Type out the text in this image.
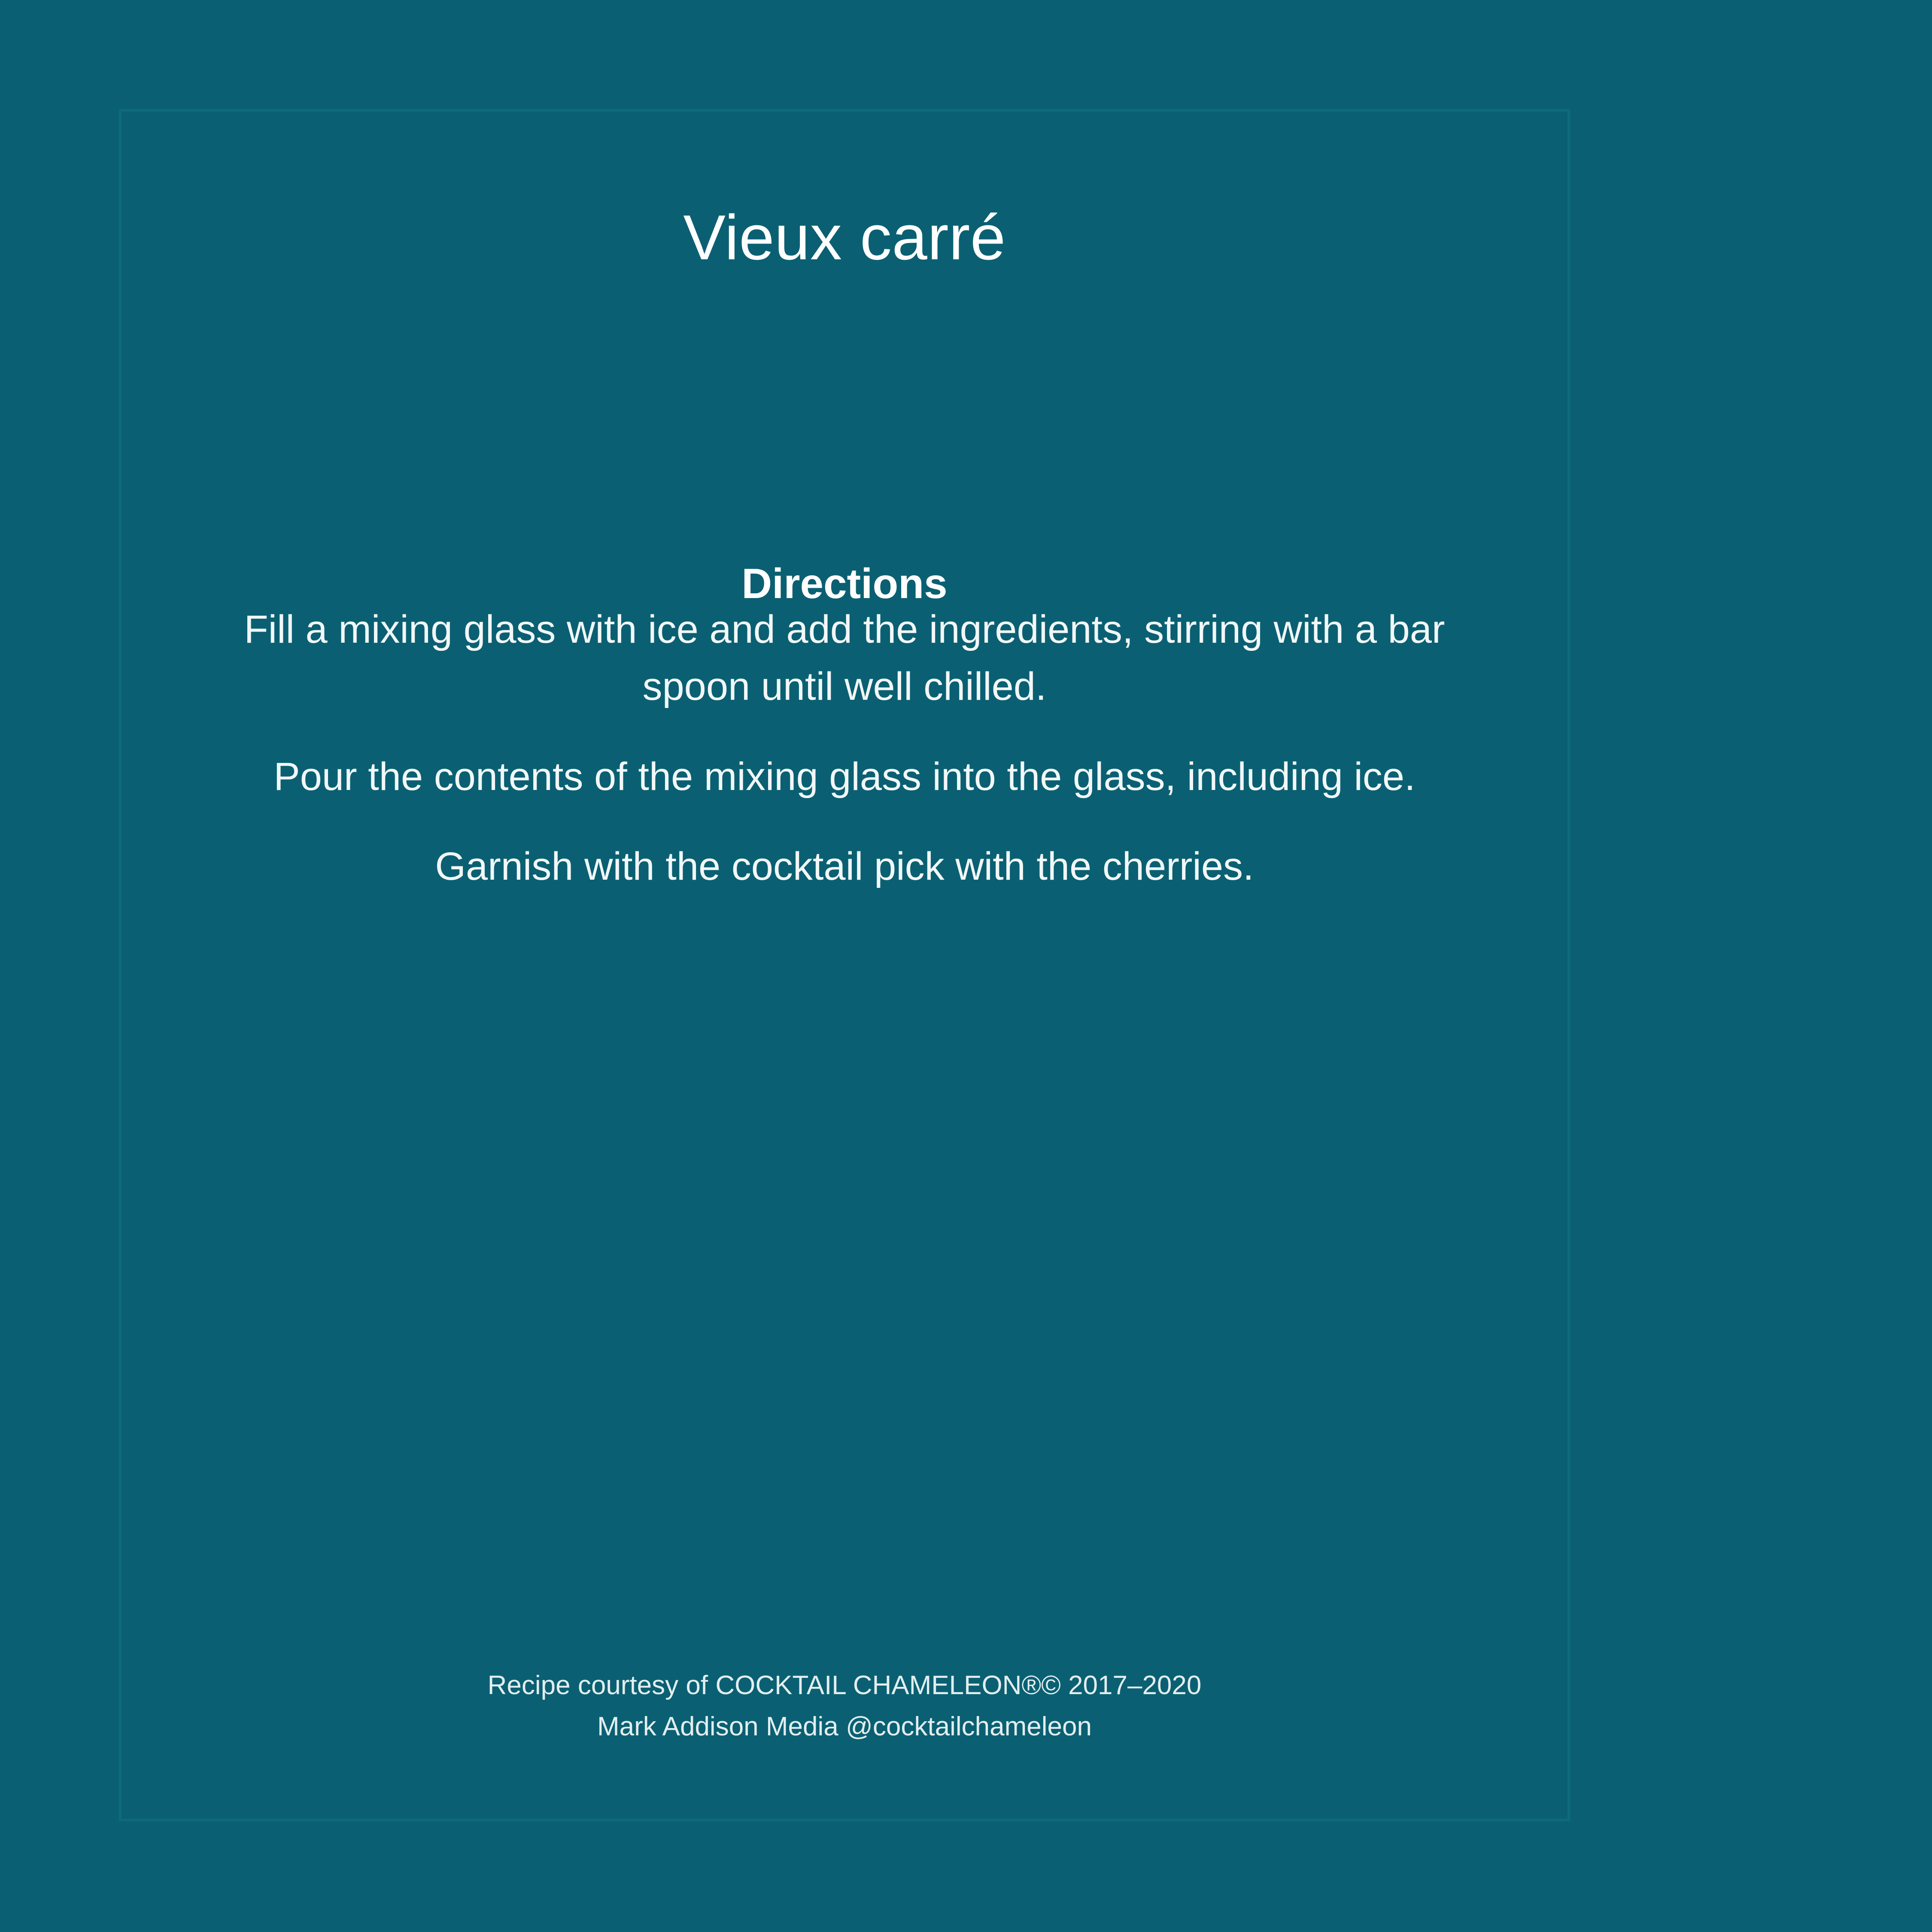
Vieux carré
Directions

Fill a mixing glass with ice and add the ingredients, stirring with a bar spoon until well chilled.

Pour the contents of the mixing glass into the glass, including ice.

Garnish with the cocktail pick with the cherries.

Recipe courtesy of COCKTAIL CHAMELEON®© 2017–2020
Mark Addison Media @cocktailchameleon
